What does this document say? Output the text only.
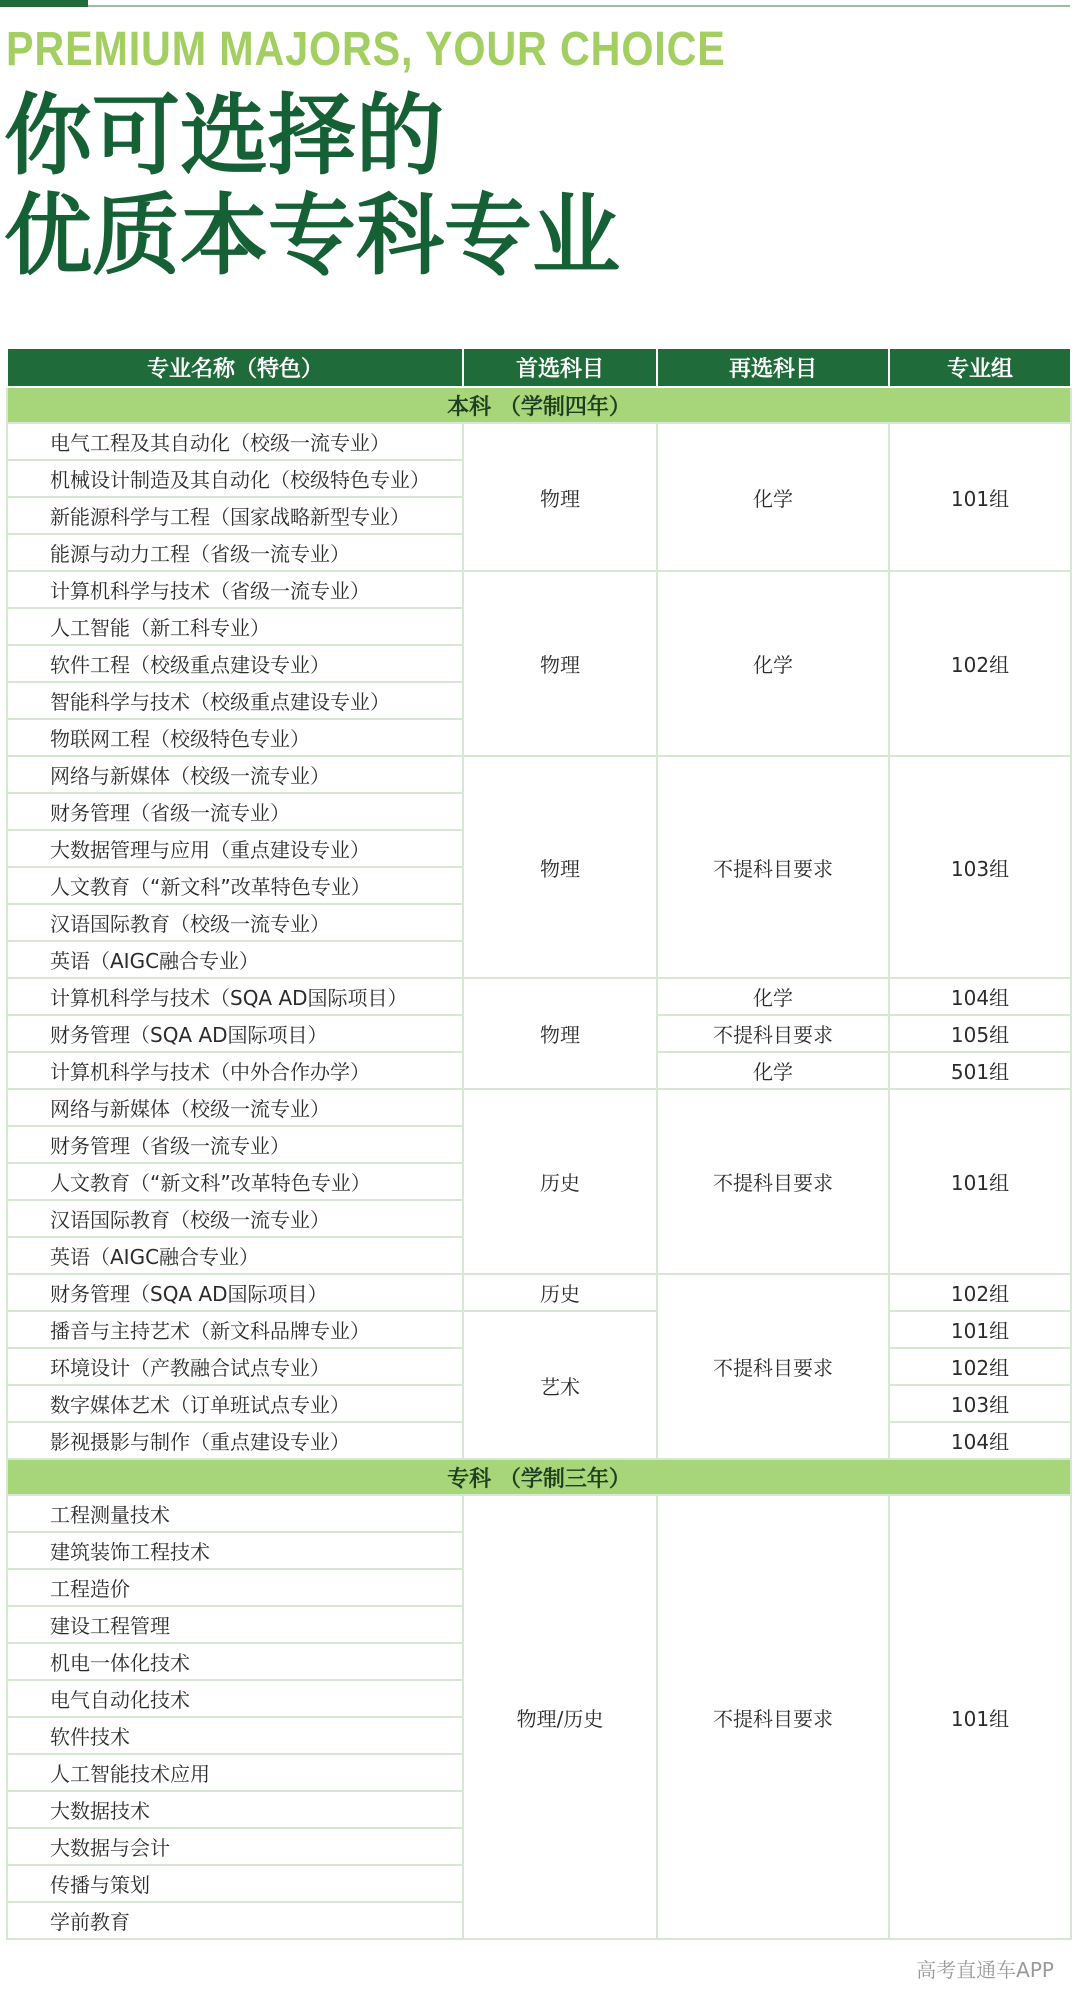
PREMIUM MAJORS, YOUR CHOICE
你可选择的
优质本专科专业
专业名称（特色）	首选科目	再选科目	专业组
本科 （学制四年）			
电气工程及其自动化（校级一流专业）	物理	化学	101组
机械设计制造及其自动化（校级特色专业）			
新能源科学与工程（国家战略新型专业）			
能源与动力工程（省级一流专业）			
计算机科学与技术（省级一流专业）	物理	化学	102组
人工智能（新工科专业）			
软件工程（校级重点建设专业）			
智能科学与技术（校级重点建设专业）			
物联网工程（校级特色专业）			
网络与新媒体（校级一流专业）	物理	不提科目要求	103组
财务管理（省级一流专业）			
大数据管理与应用（重点建设专业）			
人文教育（“新文科”改革特色专业）			
汉语国际教育（校级一流专业）			
英语（AIGC融合专业）			
计算机科学与技术（SQA AD国际项目）	物理	化学	104组
财务管理（SQA AD国际项目）		不提科目要求	105组
计算机科学与技术（中外合作办学）		化学	501组
网络与新媒体（校级一流专业）	历史	不提科目要求	101组
财务管理（省级一流专业）			
人文教育（“新文科”改革特色专业）			
汉语国际教育（校级一流专业）			
英语（AIGC融合专业）			
财务管理（SQA AD国际项目）	历史	不提科目要求	102组
播音与主持艺术（新文科品牌专业）	艺术		101组
环境设计（产教融合试点专业）			102组
数字媒体艺术（订单班试点专业）			103组
影视摄影与制作（重点建设专业）			104组
专科 （学制三年）			
工程测量技术	物理/历史	不提科目要求	101组
建筑装饰工程技术			
工程造价			
建设工程管理			
机电一体化技术			
电气自动化技术			
软件技术			
人工智能技术应用			
大数据技术			
大数据与会计			
传播与策划			
学前教育			
高考直通车APP
